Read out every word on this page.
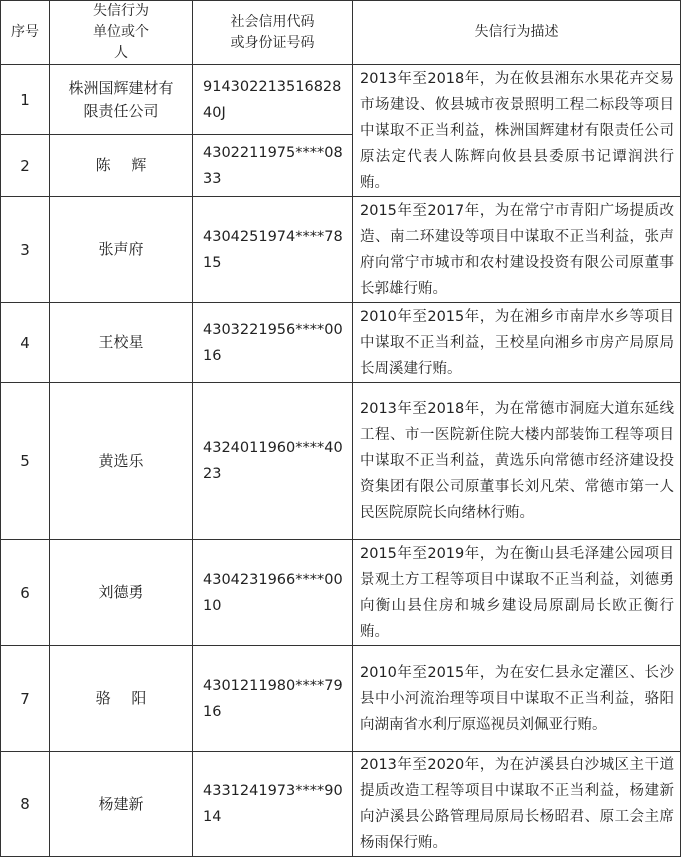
序号	失信行为单位或个人	社会信用代码或身份证号码	失信行为描述
1	株洲国辉建材有限责任公司	91430221351682840J	2013年至2018年，为在攸县湘东水果花卉交易市场建设、攸县城市夜景照明工程二标段等项目中谋取不正当利益，株洲国辉建材有限责任公司原法定代表人陈辉向攸县县委原书记谭润洪行贿。
2	陈 辉	4302211975****0833	

3	张声府	4304251974****7815	2015年至2017年，为在常宁市青阳广场提质改造、南二环建设等项目中谋取不正当利益，张声府向常宁市城市和农村建设投资有限公司原董事长郭雄行贿。
4	王校星	4303221956****0016	2010年至2015年，为在湘乡市南岸水乡等项目中谋取不正当利益，王校星向湘乡市房产局原局长周溪建行贿。
5	黄选乐	4324011960****4023	2013年至2018年，为在常德市洞庭大道东延线工程、市一医院新住院大楼内部装饰工程等项目中谋取不正当利益，黄选乐向常德市经济建设投资集团有限公司原董事长刘凡荣、常德市第一人民医院原院长向绪林行贿。
6	刘德勇	4304231966****0010	2015年至2019年，为在衡山县毛泽建公园项目景观土方工程等项目中谋取不正当利益，刘德勇向衡山县住房和城乡建设局原副局长欧正衡行贿。
7	骆 阳	4301211980****7916	2010年至2015年，为在安仁县永定灌区、长沙县中小河流治理等项目中谋取不正当利益，骆阳向湖南省水利厅原巡视员刘佩亚行贿。
8	杨建新	4331241973****9014	2013年至2020年，为在泸溪县白沙城区主干道提质改造工程等项目中谋取不正当利益，杨建新向泸溪县公路管理局原局长杨昭君、原工会主席杨雨保行贿。
